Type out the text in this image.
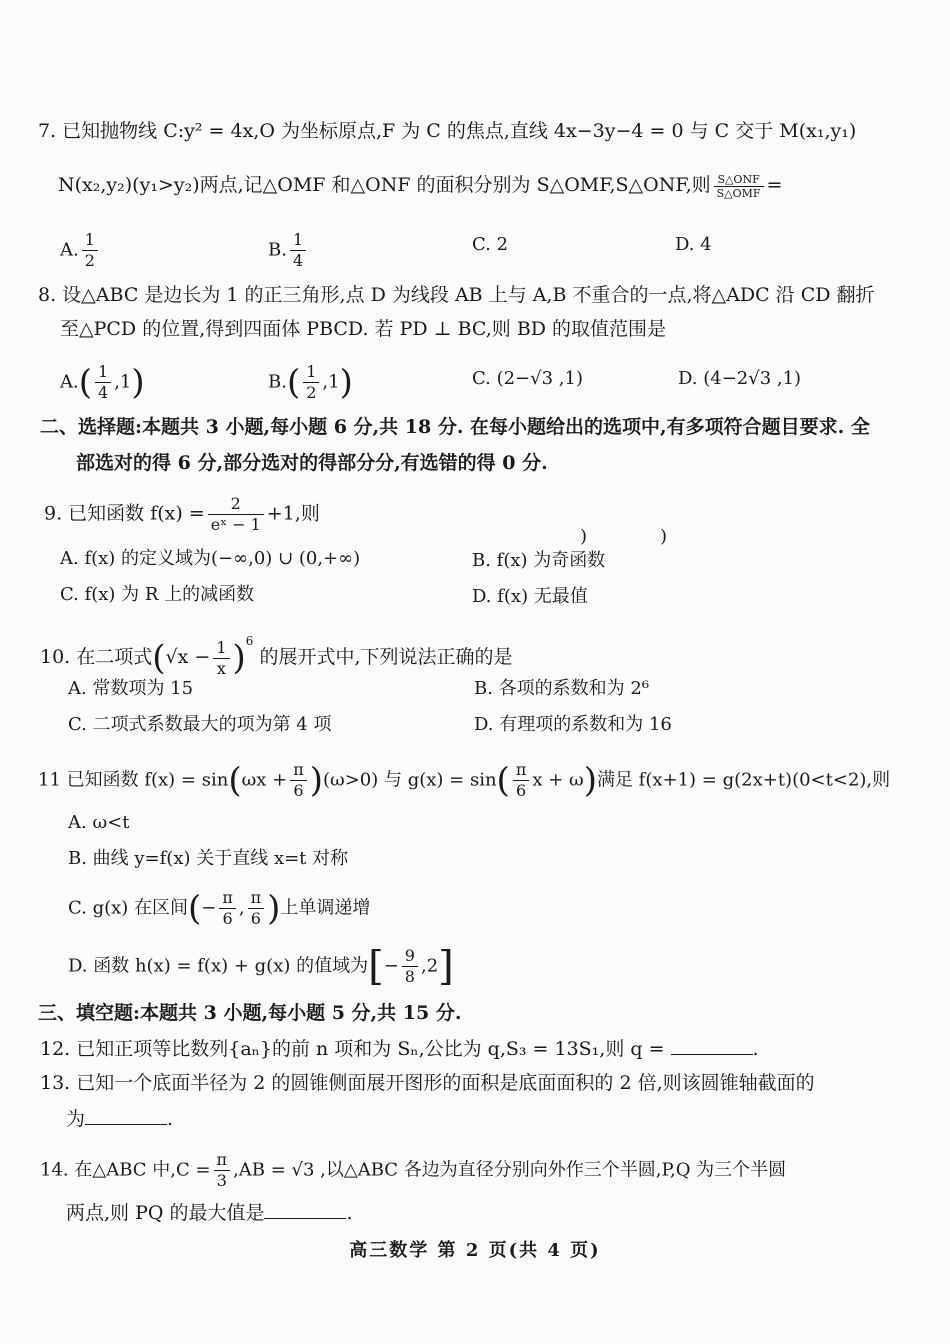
7. 已知抛物线 C:y² = 4x,O 为坐标原点,F 为 C 的焦点,直线 4x−3y−4 = 0 与 C 交于 M(x₁,y₁)
N(x₂,y₂)(y₁>y₂)两点,记△OMF 和△ONF 的面积分别为 S△OMF,S△ONF,则 $\frac{\text{S△ONF}}{\text{S△OMF}}$ =
A. $\frac{1}{2}$	B. $\frac{1}{4}$	C. 2	D. 4
8. 设△ABC 是边长为 1 的正三角形,点 D 为线段 AB 上与 A,B 不重合的一点,将△ADC 沿 CD 翻折
至△PCD 的位置,得到四面体 PBCD. 若 PD ⊥ BC,则 BD 的取值范围是
$A.( \frac{1}{4} ,1)$	$B.( \frac{1}{2} ,1)$	C. (2−√3 ,1)	D. (4−2√3 ,1)
二、选择题:本题共 3 小题,每小题 6 分,共 18 分. 在每小题给出的选项中,有多项符合题目要求. 全
部选对的得 6 分,部分选对的得部分分,有选错的得 0 分.
9. 已知函数 $f(x) = \frac{2}{\text{eˣ − 1}} +1$,则
)	)
A. f(x) 的定义域为(−∞,0) ∪ (0,+∞)	B. f(x) 为奇函数
C. f(x) 为 R 上的减函数	D. f(x) 无最值
10. 在二项式$(√x - \frac{1}{x} )^6$ 的展开式中,下列说法正确的是
A. 常数项为 15	B. 各项的系数和为 2⁶
C. 二项式系数最大的项为第 4 项	D. 有理项的系数和为 16
11 已知函数 $f(x) = \sin(\omega x + \frac{\pi}{6} )(\omega>0)$ 与 $g(x) = \sin( \frac{\pi}{6}$ x + ω)满足 f(x+1) = g(2x+t)(0<t<2),则
A. ω<t
B. 曲线 y=f(x) 关于直线 x=t 对称
C. g(x) 在区间(− $\frac{\pi}{6}$ , $\frac{\pi}{6}$ )上单调递增
D. 函数 h(x) = f(x) + g(x) 的值域为[− $\frac{9}{8} ,2$]
三、填空题:本题共 3 小题,每小题 5 分,共 15 分.
12. 已知正项等比数列{aₙ}的前 n 项和为 Sₙ,公比为 q,S₃ = 13S₁,则 q =	.
13. 已知一个底面半径为 2 的圆锥侧面展开图形的面积是底面面积的 2 倍,则该圆锥轴截面的
为	.
14. 在△ABC 中$,C = \frac{\pi}{3} ,AB = √3$ ,以△ABC 各边为直径分别向外作三个半圆,P,Q 为三个半圆
两点,则 PQ 的最大值是	.
高三数学 第 2 页(共 4 页)
